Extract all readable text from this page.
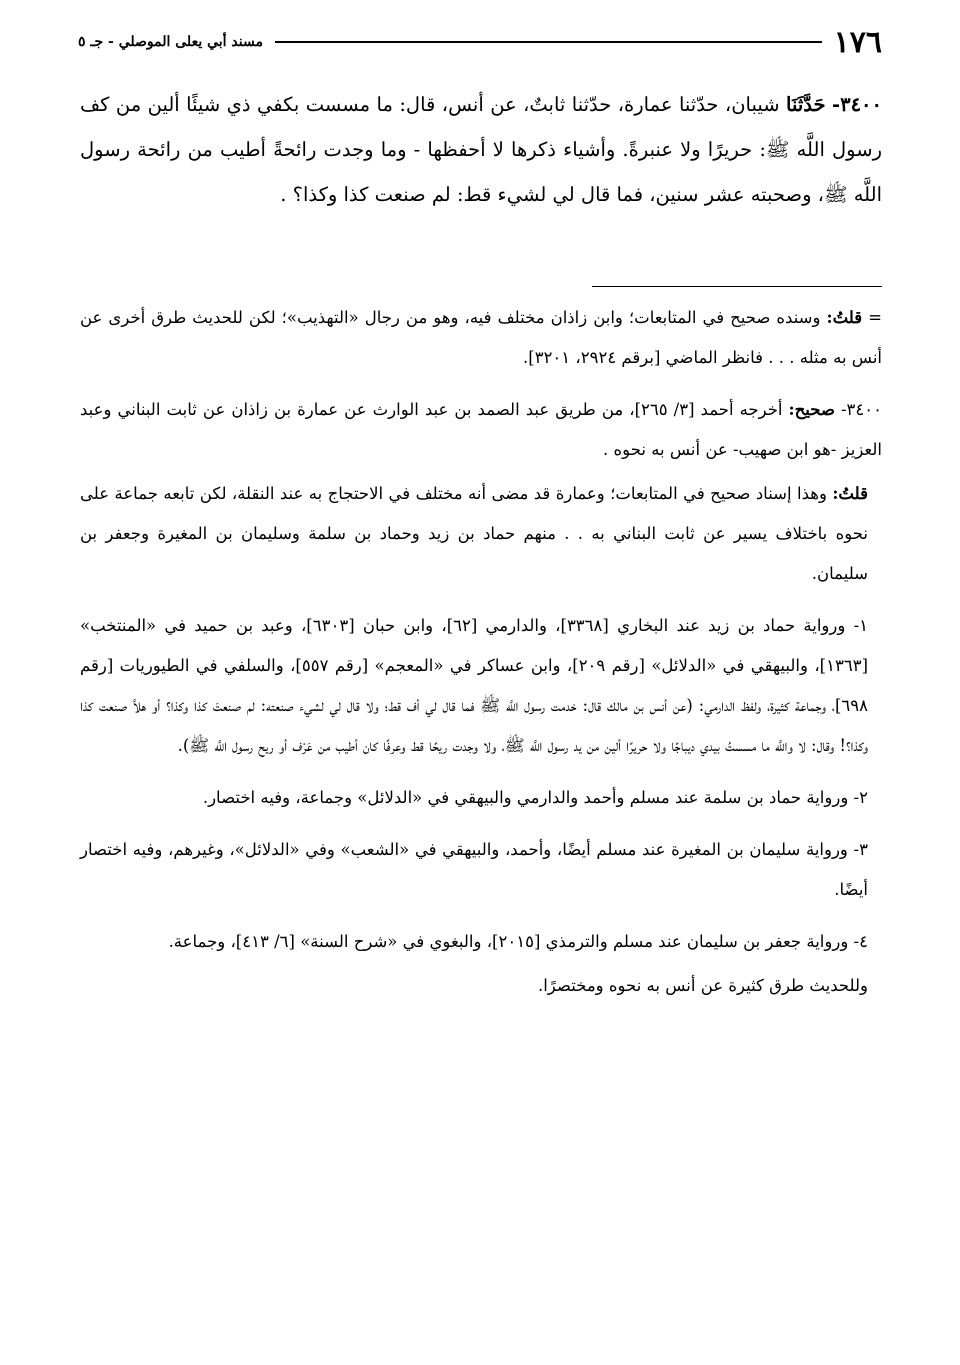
١٧٦
مسند أبي يعلى الموصلي - جـ ٥
٣٤٠٠- حَدَّثَنَا شيبان، حدّثنا عمارة، حدّثنا ثابتٌ، عن أنس، قال: ما مسست بكفي ذي شيئًا ألين من كف رسول اللَّه ﷺ: حريرًا ولا عنبرةً. وأشياء ذكرها لا أحفظها - وما وجدت رائحةً أطيب من رائحة رسول اللَّه ﷺ، وصحبته عشر سنين، فما قال لي لشيء قط: لم صنعت كذا وكذا؟ .

= قلتُ: وسنده صحيح في المتابعات؛ وابن زاذان مختلف فيه، وهو من رجال «التهذيب»؛ لكن للحديث طرق أخرى عن أنس به مثله . . . فانظر الماضي [برقم ٢٩٢٤، ٣٢٠١].

٣٤٠٠- صحيح: أخرجه أحمد [٣/ ٢٦٥]، من طريق عبد الصمد بن عبد الوارث عن عمارة بن زاذان عن ثابت البناني وعبد العزيز -هو ابن صهيب- عن أنس به نحوه .

قلتُ: وهذا إسناد صحيح في المتابعات؛ وعمارة قد مضى أنه مختلف في الاحتجاج به عند النقلة، لكن تابعه جماعة على نحوه باختلاف يسير عن ثابت البناني به . . منهم حماد بن زيد وحماد بن سلمة وسليمان بن المغيرة وجعفر بن سليمان.

١- ورواية حماد بن زيد عند البخاري [٣٣٦٨]، والدارمي [٦٢]، وابن حبان [٦٣٠٣]، وعبد بن حميد في «المنتخب» [١٣٦٣]، والبيهقي في «الدلائل» [رقم ٢٠٩]، وابن عساكر في «المعجم» [رقم ٥٥٧]، والسلفي في الطيوريات [رقم ٦٩٨]، وجماعة كثيرة، ولفظ الدارمي: (عن أنس بن مالك قال: خدمت رسول اللَّه ﷺ فما قال لي أف قط؛ ولا قال لي لشيء صنعته: لم صنعتَ كذا وكذا؟ أو هلاَّ صنعت كذا وكذا؟! وقال: لا واللَّه ما مسستُ بيدي ديباجًا ولا حريرًا ألين من يد رسول اللَّه ﷺ، ولا وجدت ريحًا قط وعرفًا كان أطيب من عَرْف أو ريح رسول اللَّه ﷺ).

٢- ورواية حماد بن سلمة عند مسلم وأحمد والدارمي والبيهقي في «الدلائل» وجماعة، وفيه اختصار.

٣- ورواية سليمان بن المغيرة عند مسلم أيضًا، وأحمد، والبيهقي في «الشعب» وفي «الدلائل»، وغيرهم، وفيه اختصار أيضًا.

٤- ورواية جعفر بن سليمان عند مسلم والترمذي [٢٠١٥]، والبغوي في «شرح السنة» [٦/ ٤١٣]، وجماعة.

وللحديث طرق كثيرة عن أنس به نحوه ومختصرًا.
